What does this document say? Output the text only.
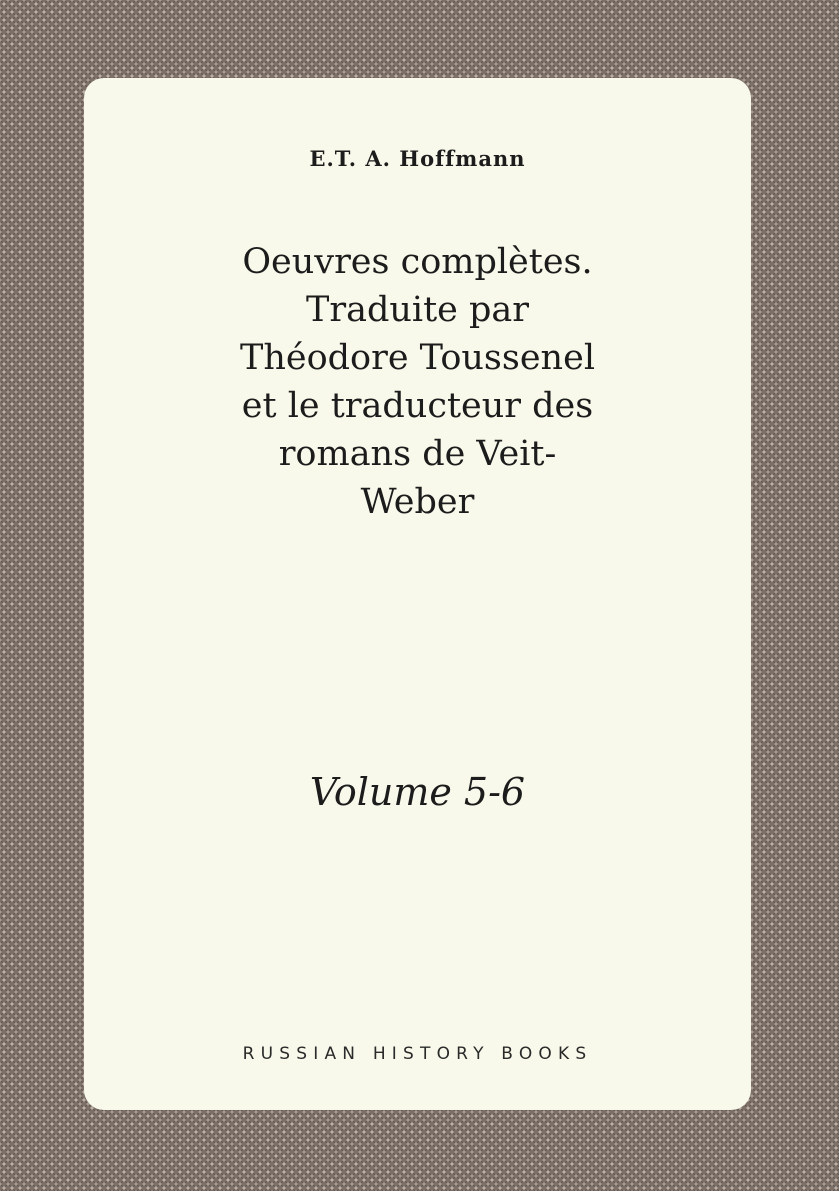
E.T. A. Hoffmann
Oeuvres complètes.
Traduite par
Théodore Toussenel
et le traducteur des
romans de Veit-
Weber
Volume 5-6
RUSSIAN HISTORY BOOKS
